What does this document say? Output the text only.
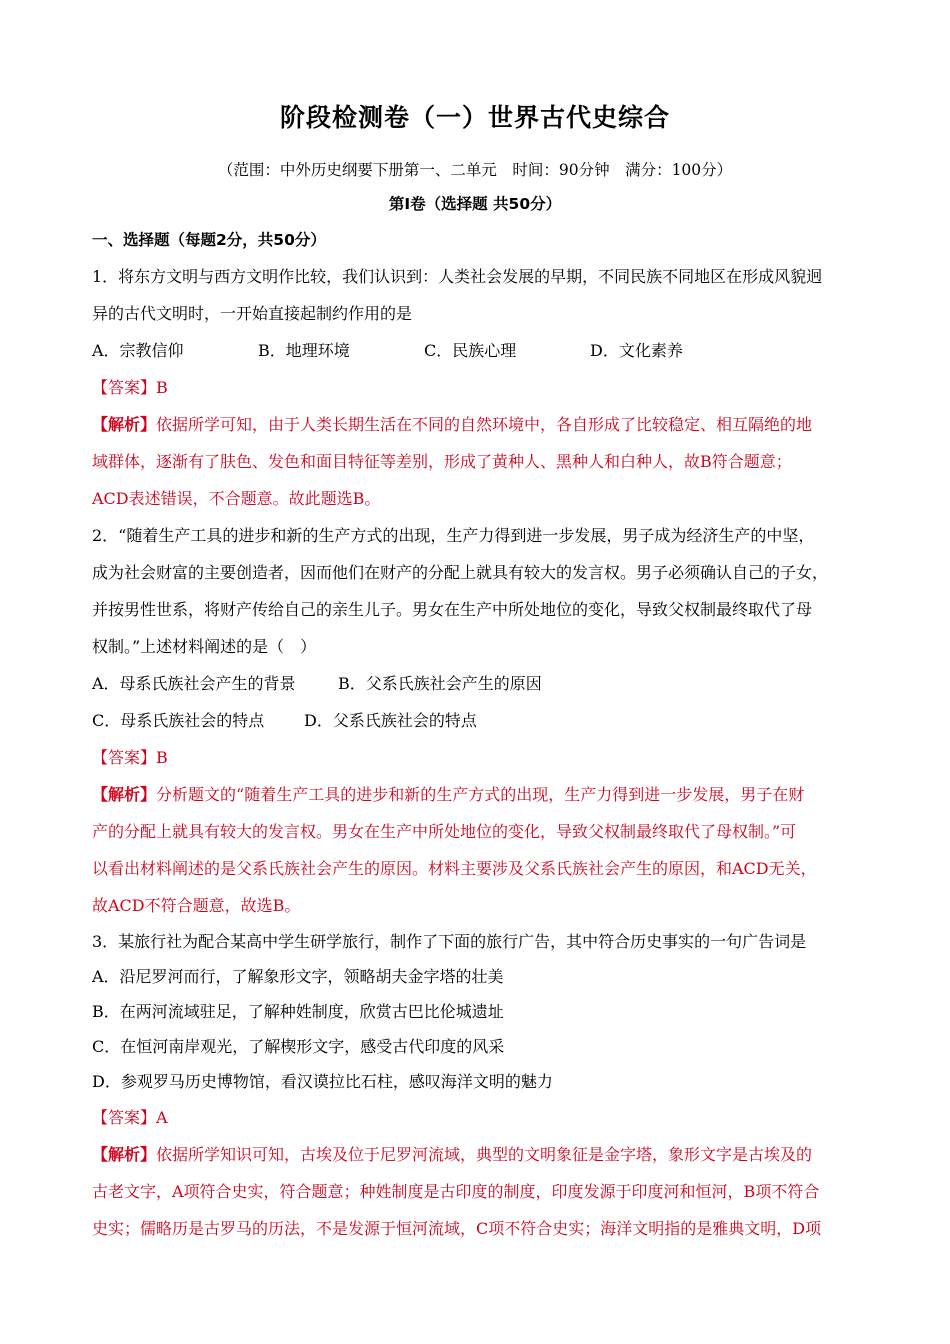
阶段检测卷（一）世界古代史综合
（范围：中外历史纲要下册第一、二单元　时间：90分钟　满分：100分）
第I卷（选择题 共50分）
一、选择题（每题2分，共50分）

1．将东方文明与西方文明作比较，我们认识到：人类社会发展的早期，不同民族不同地区在形成风貌迥

异的古代文明时，一开始直接起制约作用的是

A．宗教信仰	B．地理环境	C．民族心理	D．文化素养

【答案】B

【解析】依据所学可知，由于人类长期生活在不同的自然环境中，各自形成了比较稳定、相互隔绝的地

域群体，逐渐有了肤色、发色和面目特征等差别，形成了黄种人、黑种人和白种人，故B符合题意；

ACD表述错误，不合题意。故此题选B。

2．“随着生产工具的进步和新的生产方式的出现，生产力得到进一步发展，男子成为经济生产的中坚，

成为社会财富的主要创造者，因而他们在财产的分配上就具有较大的发言权。男子必须确认自己的子女，

并按男性世系，将财产传给自己的亲生儿子。男女在生产中所处地位的变化，导致父权制最终取代了母

权制。”上述材料阐述的是（　）

A．母系氏族社会产生的背景	B．父系氏族社会产生的原因

C．母系氏族社会的特点 D．父系氏族社会的特点

【答案】B

【解析】分析题文的“随着生产工具的进步和新的生产方式的出现，生产力得到进一步发展，男子在财

产的分配上就具有较大的发言权。男女在生产中所处地位的变化，导致父权制最终取代了母权制。”可

以看出材料阐述的是父系氏族社会产生的原因。材料主要涉及父系氏族社会产生的原因，和ACD无关，

故ACD不符合题意，故选B。

3．某旅行社为配合某高中学生研学旅行，制作了下面的旅行广告，其中符合历史事实的一句广告词是

A．沿尼罗河而行，了解象形文字，领略胡夫金字塔的壮美

B．在两河流域驻足，了解种姓制度，欣赏古巴比伦城遗址

C．在恒河南岸观光，了解楔形文字，感受古代印度的风采

D．参观罗马历史博物馆，看汉谟拉比石柱，感叹海洋文明的魅力

【答案】A

【解析】依据所学知识可知，古埃及位于尼罗河流域，典型的文明象征是金字塔，象形文字是古埃及的

古老文字，A项符合史实，符合题意；种姓制度是古印度的制度，印度发源于印度河和恒河，B项不符合

史实；儒略历是古罗马的历法，不是发源于恒河流域，C项不符合史实；海洋文明指的是雅典文明，D项
